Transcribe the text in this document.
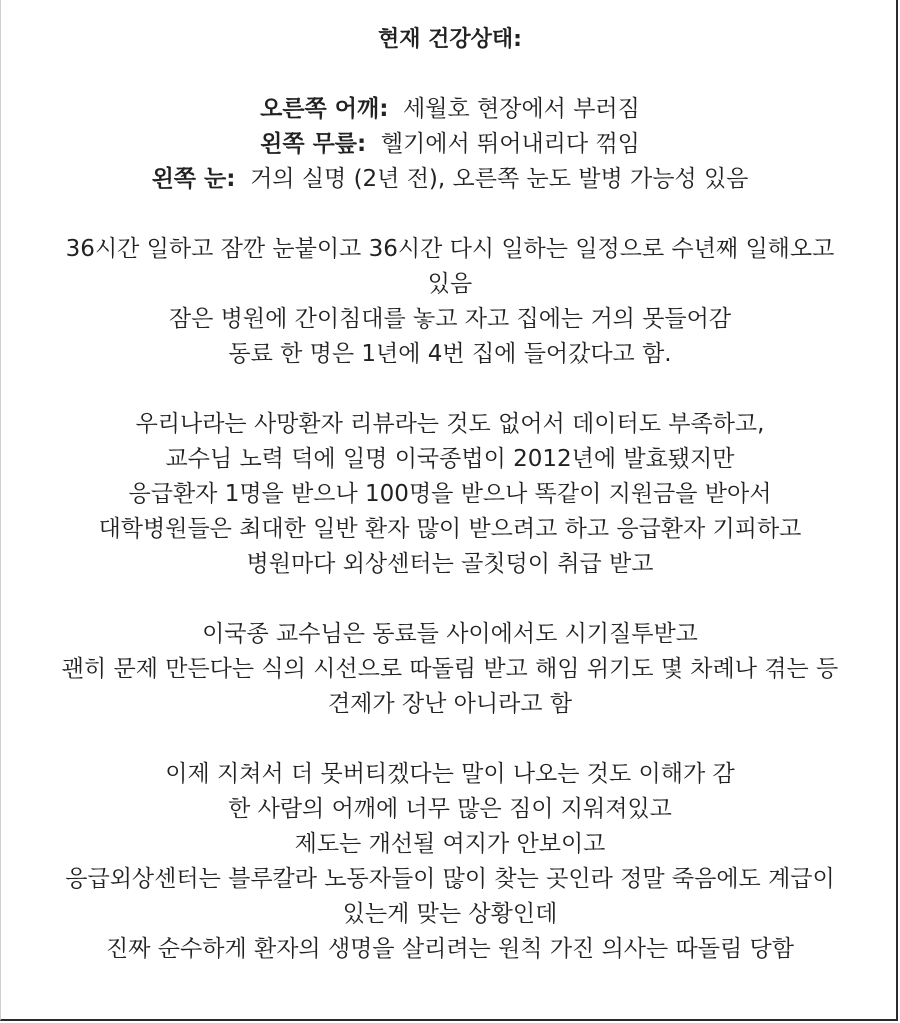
현재 건강상태:
오른쪽 어깨: 세월호 현장에서 부러짐
왼쪽 무릎: 헬기에서 뛰어내리다 꺾임
왼쪽 눈: 거의 실명 (2년 전), 오른쪽 눈도 발병 가능성 있음
36시간 일하고 잠깐 눈붙이고 36시간 다시 일하는 일정으로 수년째 일해오고
있음
잠은 병원에 간이침대를 놓고 자고 집에는 거의 못들어감
동료 한 명은 1년에 4번 집에 들어갔다고 함.
우리나라는 사망환자 리뷰라는 것도 없어서 데이터도 부족하고,
교수님 노력 덕에 일명 이국종법이 2012년에 발효됐지만
응급환자 1명을 받으나 100명을 받으나 똑같이 지원금을 받아서
대학병원들은 최대한 일반 환자 많이 받으려고 하고 응급환자 기피하고
병원마다 외상센터는 골칫덩이 취급 받고
이국종 교수님은 동료들 사이에서도 시기질투받고
괜히 문제 만든다는 식의 시선으로 따돌림 받고 해임 위기도 몇 차례나 겪는 등
견제가 장난 아니라고 함
이제 지쳐서 더 못버티겠다는 말이 나오는 것도 이해가 감
한 사람의 어깨에 너무 많은 짐이 지워져있고
제도는 개선될 여지가 안보이고
응급외상센터는 블루칼라 노동자들이 많이 찾는 곳인라 정말 죽음에도 계급이
있는게 맞는 상황인데
진짜 순수하게 환자의 생명을 살리려는 원칙 가진 의사는 따돌림 당함
